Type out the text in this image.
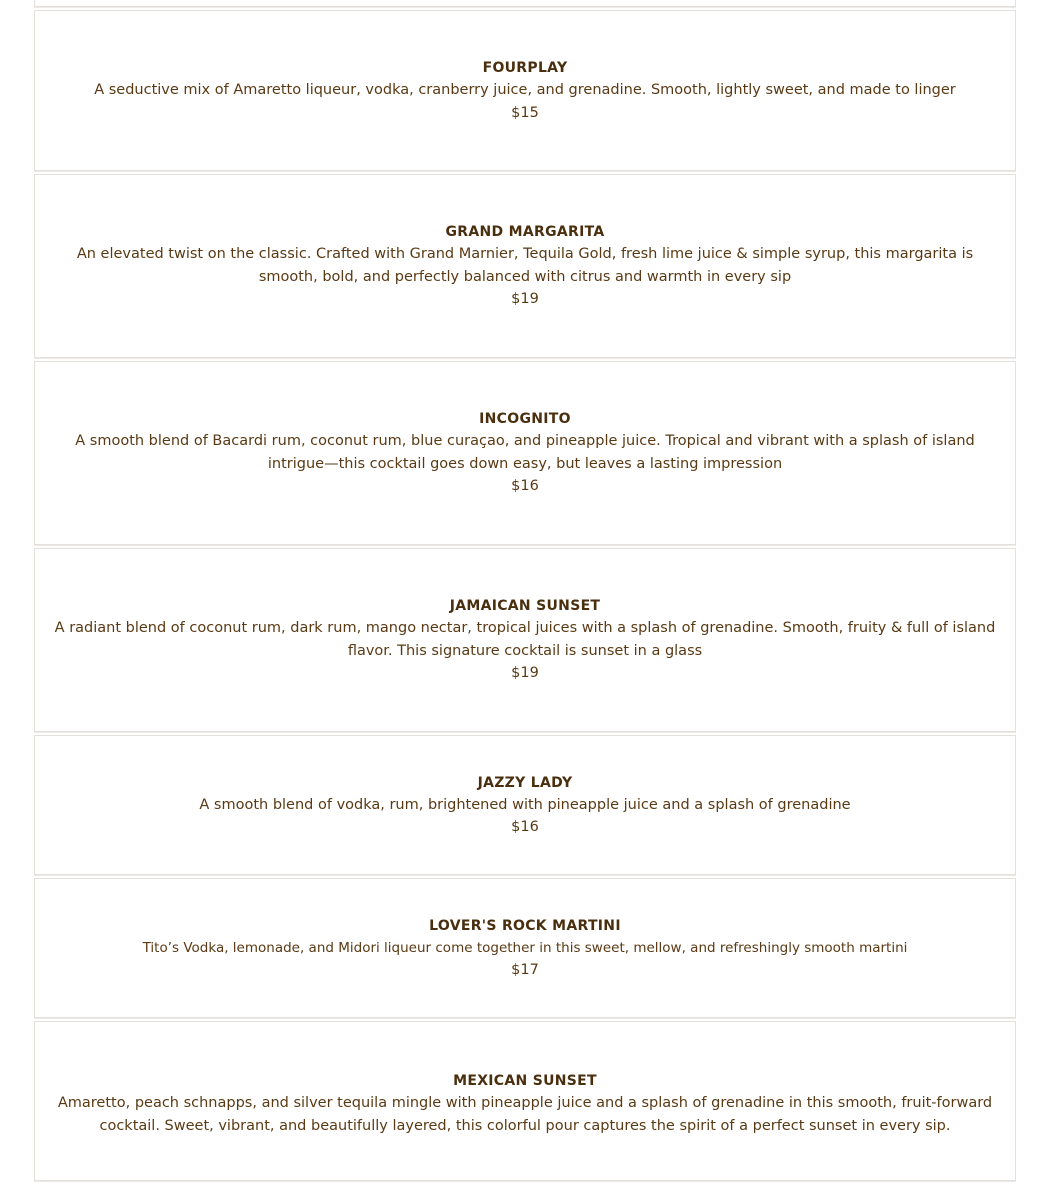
FOURPLAY
A seductive mix of Amaretto liqueur, vodka, cranberry juice, and grenadine. Smooth, lightly sweet, and made to linger
$15
GRAND MARGARITA
An elevated twist on the classic. Crafted with Grand Marnier, Tequila Gold, fresh lime juice & simple syrup, this margarita is smooth, bold, and perfectly balanced with citrus and warmth in every sip
$19
INCOGNITO
A smooth blend of Bacardi rum, coconut rum, blue curaçao, and pineapple juice. Tropical and vibrant with a splash of island intrigue—this cocktail goes down easy, but leaves a lasting impression
$16
JAMAICAN SUNSET
A radiant blend of coconut rum, dark rum, mango nectar, tropical juices with a splash of grenadine. Smooth, fruity & full of island flavor. This signature cocktail is sunset in a glass
$19
JAZZY LADY
A smooth blend of vodka, rum, brightened with pineapple juice and a splash of grenadine
$16
LOVER'S ROCK MARTINI
Tito’s Vodka, lemonade, and Midori liqueur come together in this sweet, mellow, and refreshingly smooth martini
$17
MEXICAN SUNSET
Amaretto, peach schnapps, and silver tequila mingle with pineapple juice and a splash of grenadine in this smooth, fruit-forward cocktail. Sweet, vibrant, and beautifully layered, this colorful pour captures the spirit of a perfect sunset in every sip.
